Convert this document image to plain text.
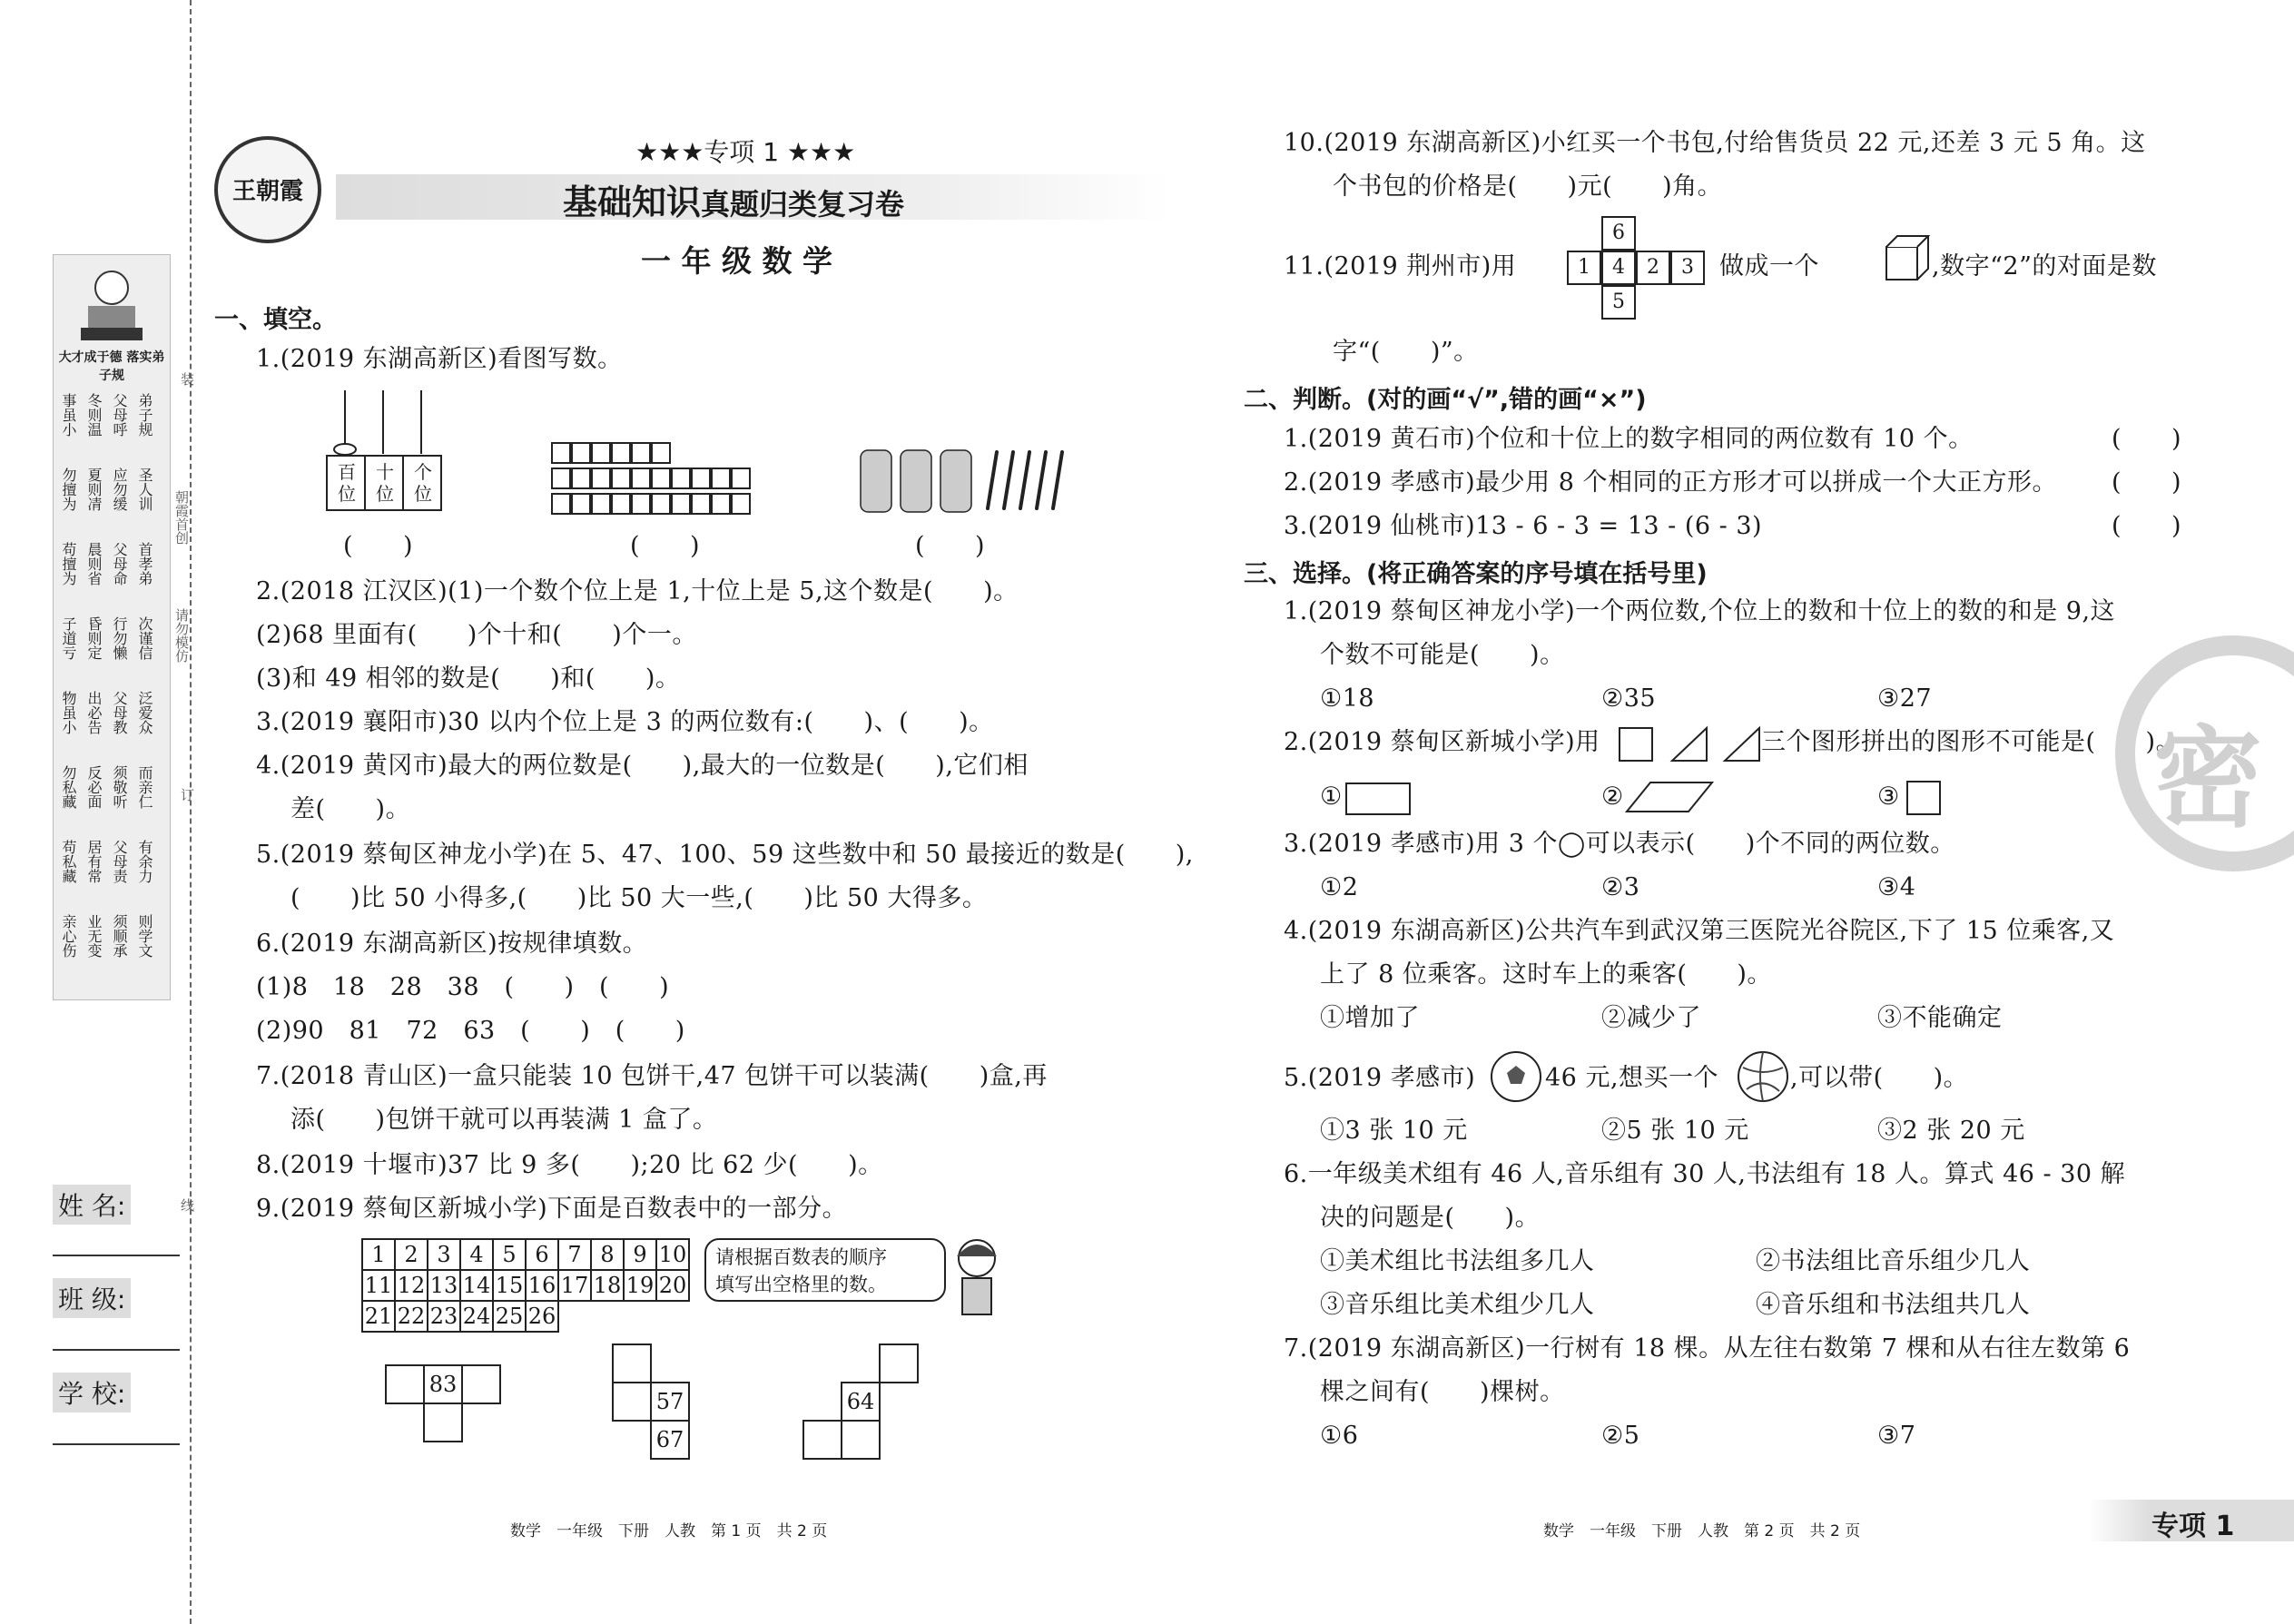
装
朝霞首创
请勿模仿
订
线
大才成于德 落实弟子规
事虽小 冬则温 父母呼 弟子规
勿擅为 夏则凊 应勿缓 圣人训
苟擅为 晨则省 父母命 首孝弟
子道亏 昏则定 行勿懒 次谨信
物虽小 出必告 父母教 泛爱众
勿私藏 反必面 须敬听 而亲仁
苟私藏 居有常 父母责 有余力
亲心伤 业无变 须顺承 则学文
姓 名:
班 级:
学 校:
王朝霞
★★★专项 1 ★★★
基础知识真题归类复习卷
一 年 级 数 学
一、填空。
1.(2019 东湖高新区)看图写数。
百位
十位
个位
(　　)	(　　)	(　　)
2.(2018 江汉区)(1)一个数个位上是 1,十位上是 5,这个数是(　　)。
(2)68 里面有(　　)个十和(　　)个一。
(3)和 49 相邻的数是(　　)和(　　)。
3.(2019 襄阳市)30 以内个位上是 3 的两位数有:(　　)、(　　)。
4.(2019 黄冈市)最大的两位数是(　　),最大的一位数是(　　),它们相
差(　　)。
5.(2019 蔡甸区神龙小学)在 5、47、100、59 这些数中和 50 最接近的数是(　　),
(　　)比 50 小得多,(　　)比 50 大一些,(　　)比 50 大得多。
6.(2019 东湖高新区)按规律填数。
(1)8　18　28　38　(　　)　(　　)
(2)90　81　72　63　(　　)　(　　)
7.(2018 青山区)一盒只能装 10 包饼干,47 包饼干可以装满(　　)盒,再
添(　　)包饼干就可以再装满 1 盒了。
8.(2019 十堰市)37 比 9 多(　　);20 比 62 少(　　)。
9.(2019 蔡甸区新城小学)下面是百数表中的一部分。
1	2	3	4	5	6	7	8	9	10
11	12	13	14	15	16	17	18	19	20
21	22	23	24	25	26				
请根据百数表的顺序
填写出空格里的数。
83
57
67
64
数学　一年级　下册　人教　第 1 页　共 2 页
10.(2019 东湖高新区)小红买一个书包,付给售货员 22 元,还差 3 元 5 角。这
个书包的价格是(　　)元(　　)角。
11.(2019 荆州市)用
6
1	4	2	3
5
做成一个	,数字“2”的对面是数
字“(　　)”。
二、判断。(对的画“√”,错的画“×”)
1.(2019 黄石市)个位和十位上的数字相同的两位数有 10 个。	(　　)
2.(2019 孝感市)最少用 8 个相同的正方形才可以拼成一个大正方形。 (　　)
3.(2019 仙桃市)13 - 6 - 3 = 13 - (6 - 3)	(　　)
三、选择。(将正确答案的序号填在括号里)
1.(2019 蔡甸区神龙小学)一个两位数,个位上的数和十位上的数的和是 9,这
个数不可能是(　　)。
①18	②35	③27
2.(2019 蔡甸区新城小学)用	三个图形拼出的图形不可能是(　　)。
①	②	③
3.(2019 孝感市)用 3 个◯可以表示(　　)个不同的两位数。
①2	②3	③4
4.(2019 东湖高新区)公共汽车到武汉第三医院光谷院区,下了 15 位乘客,又
上了 8 位乘客。这时车上的乘客(　　)。
①增加了	②减少了	③不能确定
5.(2019 孝感市)	46 元,想买一个	,可以带(　　)。
①3 张 10 元	②5 张 10 元	③2 张 20 元
6.一年级美术组有 46 人,音乐组有 30 人,书法组有 18 人。算式 46 - 30 解
决的问题是(　　)。
①美术组比书法组多几人	②书法组比音乐组少几人
③音乐组比美术组少几人	④音乐组和书法组共几人
7.(2019 东湖高新区)一行树有 18 棵。从左往右数第 7 棵和从右往左数第 6
棵之间有(　　)棵树。
①6	②5	③7
密
数学　一年级　下册　人教　第 2 页　共 2 页	专项 1
